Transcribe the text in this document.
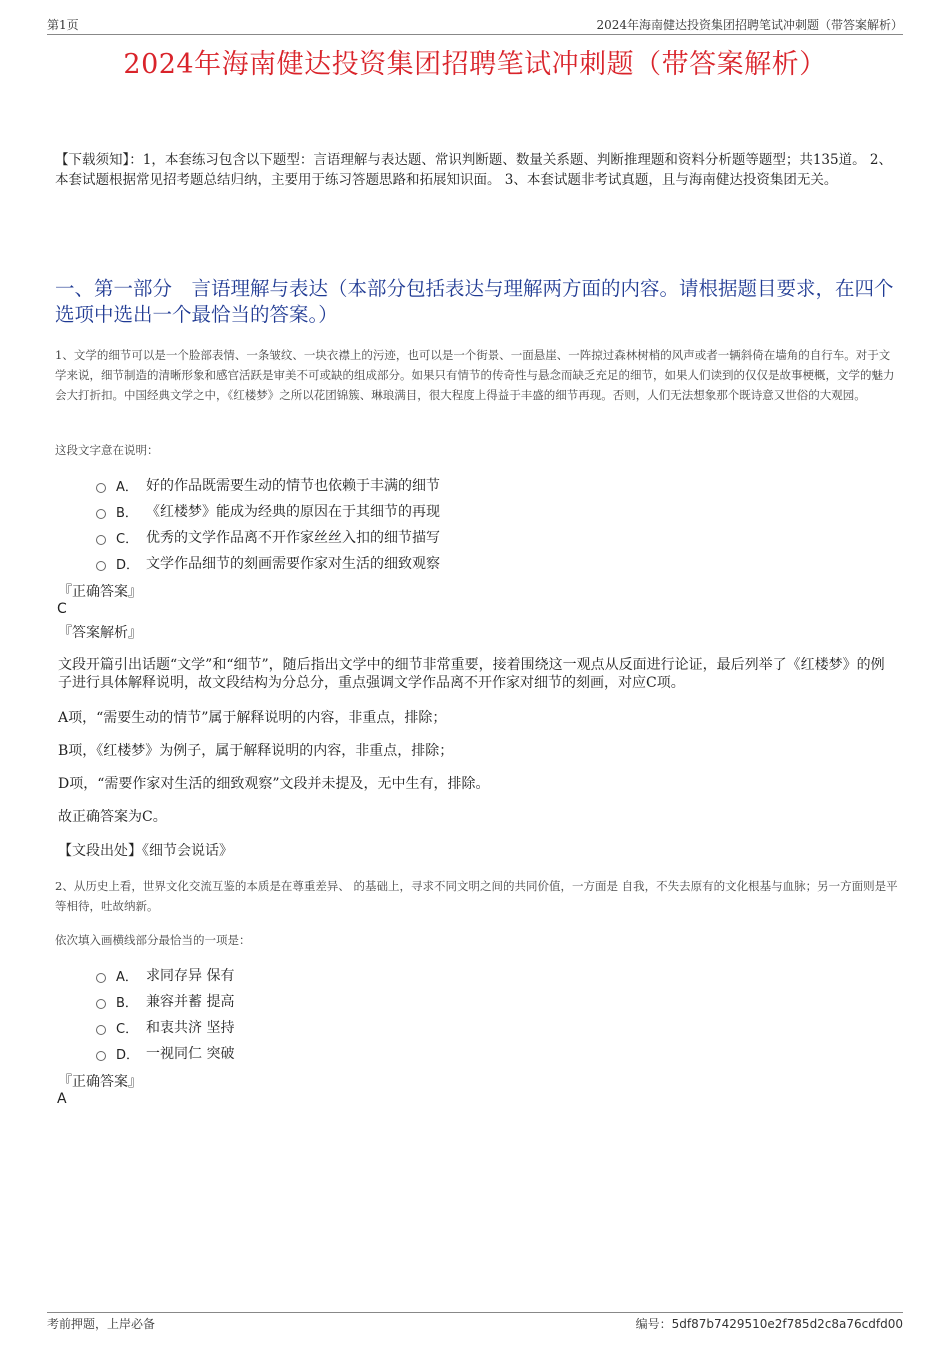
第1页	2024年海南健达投资集团招聘笔试冲刺题（带答案解析）
2024年海南健达投资集团招聘笔试冲刺题（带答案解析）
【下载须知】：1，本套练习包含以下题型：言语理解与表达题、常识判断题、数量关系题、判断推理题和资料分析题等题型；共135道。 2、本套试题根据常见招考题总结归纳，主要用于练习答题思路和拓展知识面。 3、本套试题非考试真题，且与海南健达投资集团无关。
一、第一部分　言语理解与表达（本部分包括表达与理解两方面的内容。请根据题目要求，在四个选项中选出一个最恰当的答案。）
1、文学的细节可以是一个脸部表情、一条皱纹、一块衣襟上的污迹，也可以是一个街景、一面悬崖、一阵掠过森林树梢的风声或者一辆斜倚在墙角的自行车。对于文学来说，细节制造的清晰形象和感官活跃是审美不可或缺的组成部分。如果只有情节的传奇性与悬念而缺乏充足的细节，如果人们读到的仅仅是故事梗概，文学的魅力会大打折扣。中国经典文学之中，《红楼梦》之所以花团锦簇、琳琅满目，很大程度上得益于丰盛的细节再现。否则，人们无法想象那个既诗意又世俗的大观园。
这段文字意在说明：
A． 好的作品既需要生动的情节也依赖于丰满的细节
B． 《红楼梦》能成为经典的原因在于其细节的再现
C． 优秀的文学作品离不开作家丝丝入扣的细节描写
D． 文学作品细节的刻画需要作家对生活的细致观察
『正确答案』
C
『答案解析』
文段开篇引出话题“文学”和“细节”，随后指出文学中的细节非常重要，接着围绕这一观点从反面进行论证，最后列举了《红楼梦》的例子进行具体解释说明，故文段结构为分总分，重点强调文学作品离不开作家对细节的刻画，对应C项。
A项，“需要生动的情节”属于解释说明的内容，非重点，排除；
B项，《红楼梦》为例子，属于解释说明的内容，非重点，排除；
D项，“需要作家对生活的细致观察”文段并未提及，无中生有，排除。
故正确答案为C。
【文段出处】《细节会说话》
2、从历史上看，世界文化交流互鉴的本质是在尊重差异、 的基础上，寻求不同文明之间的共同价值，一方面是 自我，不失去原有的文化根基与血脉；另一方面则是平等相待，吐故纳新。
依次填入画横线部分最恰当的一项是：
A． 求同存异 保有
B． 兼容并蓄 提高
C． 和衷共济 坚持
D． 一视同仁 突破
『正确答案』
A
考前押题，上岸必备	编号：5df87b7429510e2f785d2c8a76cdfd00
